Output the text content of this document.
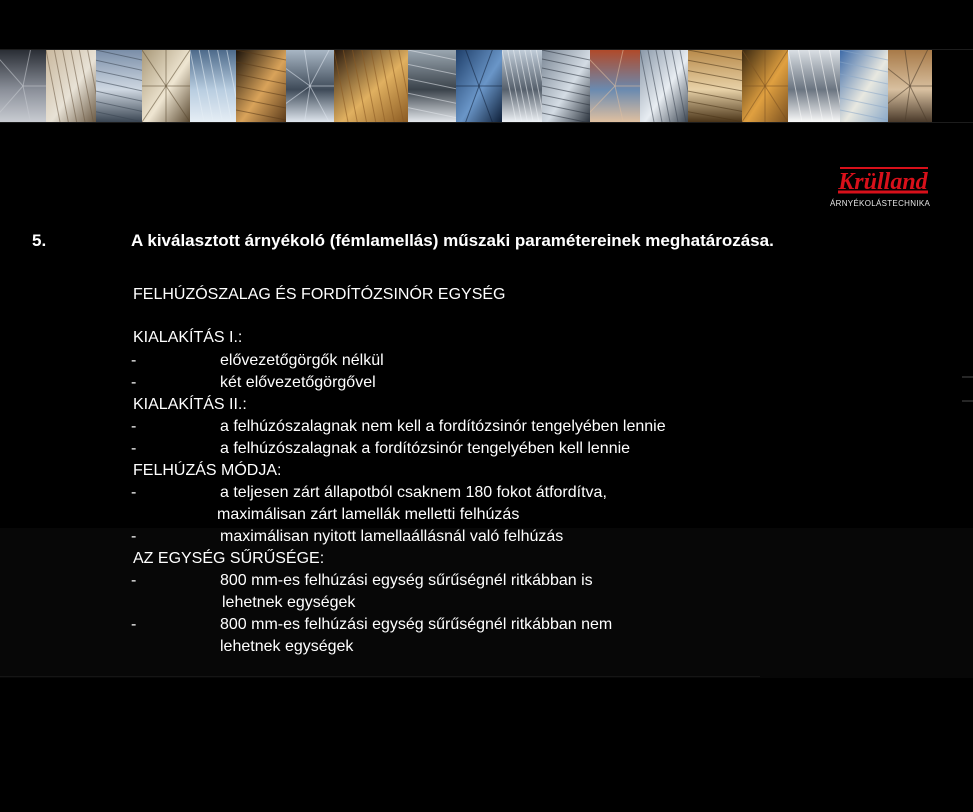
Krülland
ÁRNYÉKOLÁSTECHNIKA
5.	A kiválasztott árnyékoló (fémlamellás) műszaki paramétereinek meghatározása.
FELHÚZÓSZALAG ÉS FORDÍTÓZSINÓR EGYSÉG
KIALAKÍTÁS I.:
-	elővezetőgörgők nélkül
-	két elővezetőgörgővel
KIALAKÍTÁS II.:
-	a felhúzószalagnak nem kell a fordítózsinór tengelyében lennie
-	a felhúzószalagnak a fordítózsinór tengelyében kell lennie
FELHÚZÁS MÓDJA:
-	a teljesen zárt állapotból csaknem 180 fokot átfordítva,
maximálisan zárt lamellák melletti felhúzás
-	maximálisan nyitott lamellaállásnál való felhúzás
AZ EGYSÉG SŰRŰSÉGE:
-	800 mm-es felhúzási egység sűrűségnél ritkábban is
lehetnek egységek
-	800 mm-es felhúzási egység sűrűségnél ritkábban nem
lehetnek egységek
